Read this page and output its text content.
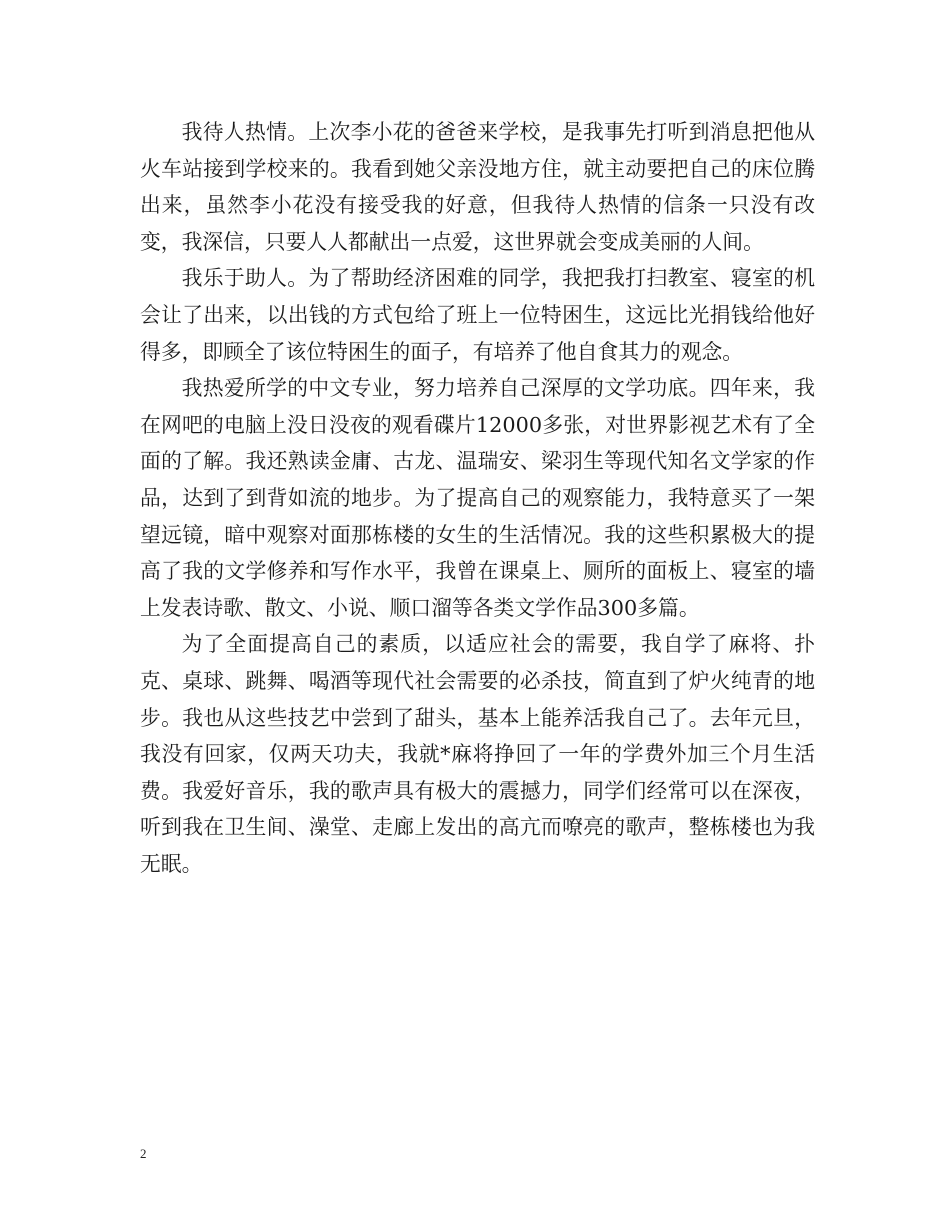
我待人热情。上次李小花的爸爸来学校，是我事先打听到消息把他从火车站接到学校来的。我看到她父亲没地方住，就主动要把自己的床位腾出来，虽然李小花没有接受我的好意，但我待人热情的信条一只没有改变，我深信，只要人人都献出一点爱，这世界就会变成美丽的人间。

我乐于助人。为了帮助经济困难的同学，我把我打扫教室、寝室的机会让了出来，以出钱的方式包给了班上一位特困生，这远比光捐钱给他好得多，即顾全了该位特困生的面子，有培养了他自食其力的观念。

我热爱所学的中文专业，努力培养自己深厚的文学功底。四年来，我在网吧的电脑上没日没夜的观看碟片12000多张，对世界影视艺术有了全面的了解。我还熟读金庸、古龙、温瑞安、梁羽生等现代知名文学家的作品，达到了到背如流的地步。为了提高自己的观察能力，我特意买了一架望远镜，暗中观察对面那栋楼的女生的生活情况。我的这些积累极大的提高了我的文学修养和写作水平，我曾在课桌上、厕所的面板上、寝室的墙上发表诗歌、散文、小说、顺口溜等各类文学作品300多篇。

为了全面提高自己的素质，以适应社会的需要，我自学了麻将、扑克、桌球、跳舞、喝酒等现代社会需要的必杀技，简直到了炉火纯青的地步。我也从这些技艺中尝到了甜头，基本上能养活我自己了。去年元旦，我没有回家，仅两天功夫，我就*麻将挣回了一年的学费外加三个月生活费。我爱好音乐，我的歌声具有极大的震撼力，同学们经常可以在深夜，听到我在卫生间、澡堂、走廊上发出的高亢而嘹亮的歌声，整栋楼也为我无眠。

2
